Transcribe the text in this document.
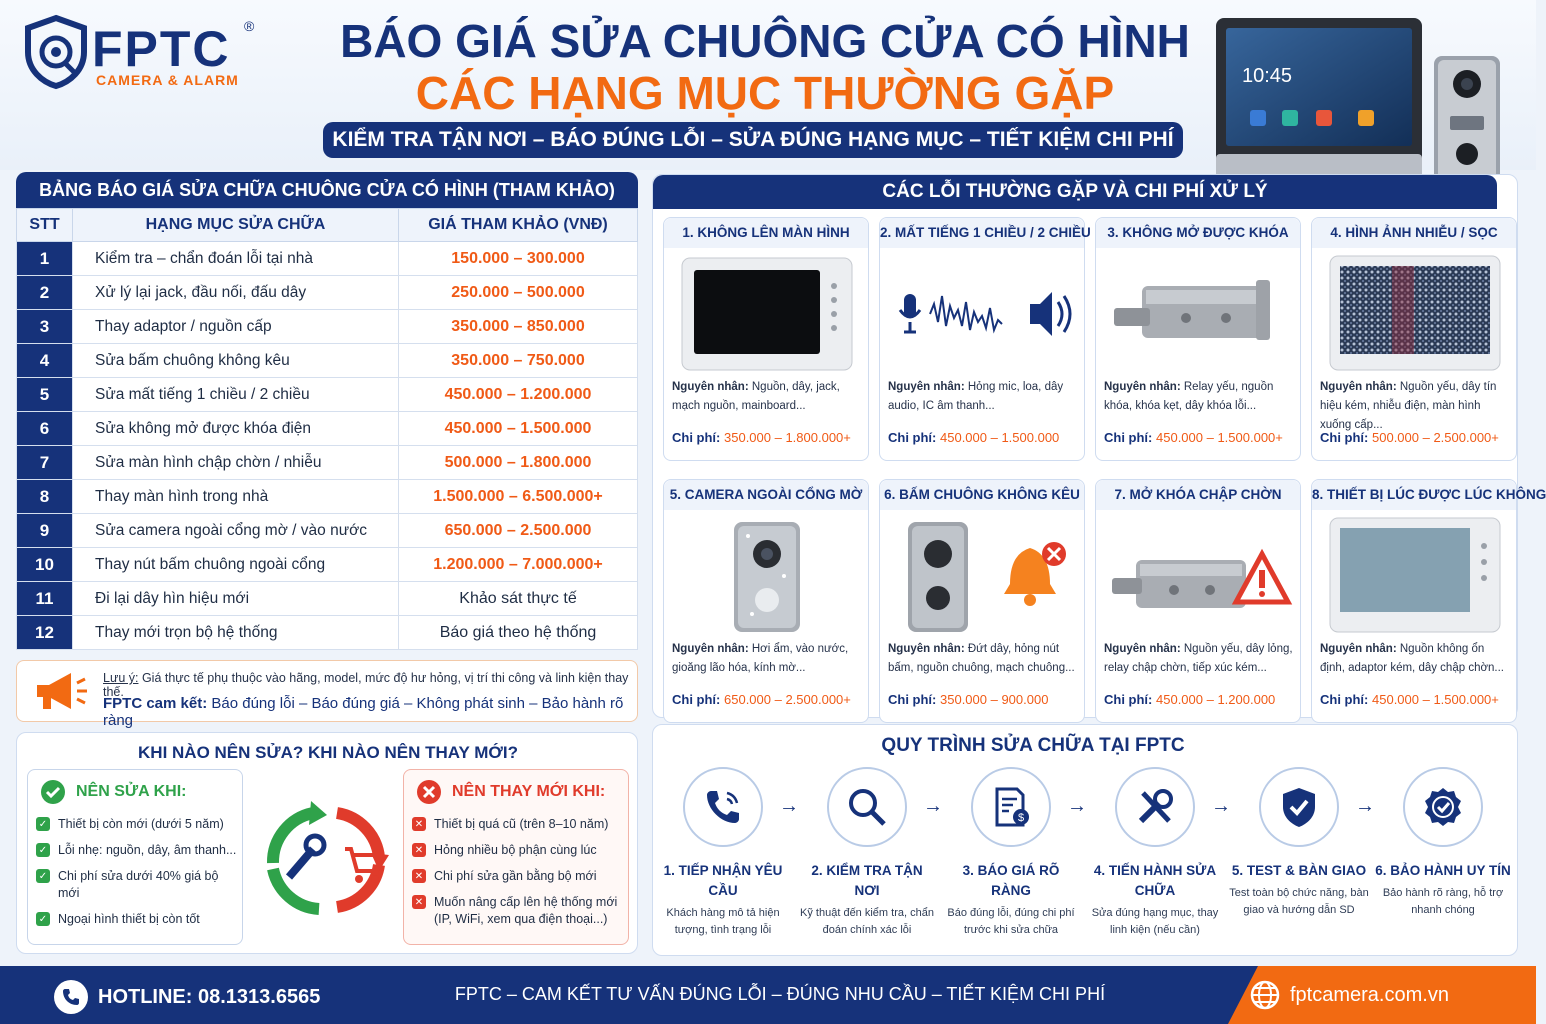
FPTC ®
CAMERA & ALARM
BÁO GIÁ SỬA CHUÔNG CỬA CÓ HÌNH
CÁC HẠNG MỤC THƯỜNG GẶP
KIỂM TRA TẬN NƠI – BÁO ĐÚNG LỖI – SỬA ĐÚNG HẠNG MỤC – TIẾT KIỆM CHI PHÍ
10:45
BẢNG BÁO GIÁ SỬA CHỮA CHUÔNG CỬA CÓ HÌNH (THAM KHẢO)
STT	HẠNG MỤC SỬA CHỮA	GIÁ THAM KHẢO (VNĐ)
1	Kiểm tra – chẩn đoán lỗi tại nhà	150.000 – 300.000
2	Xử lý lại jack, đầu nối, đấu dây	250.000 – 500.000
3	Thay adaptor / nguồn cấp	350.000 – 850.000
4	Sửa bấm chuông không kêu	350.000 – 750.000
5	Sửa mất tiếng 1 chiều / 2 chiều	450.000 – 1.200.000
6	Sửa không mở được khóa điện	450.000 – 1.500.000
7	Sửa màn hình chập chờn / nhiễu	500.000 – 1.800.000
8	Thay màn hình trong nhà	1.500.000 – 6.500.000+
9	Sửa camera ngoài cổng mờ / vào nước	650.000 – 2.500.000
10	Thay nút bấm chuông ngoài cổng	1.200.000 – 7.000.000+
11	Đi lại dây hìn hiệu mới	Khảo sát thực tế
12	Thay mới trọn bộ hệ thống	Báo giá theo hệ thống
Lưu ý: Giá thực tế phụ thuộc vào hãng, model, mức độ hư hỏng, vị trí thi công và linh kiện thay thế.
FPTC cam kết: Báo đúng lỗi – Báo đúng giá – Không phát sinh – Bảo hành rõ ràng
KHI NÀO NÊN SỬA? KHI NÀO NÊN THAY MỚI?
NÊN SỬA KHI:
✓ Thiết bị còn mới (dưới 5 năm)
✓ Lỗi nhẹ: nguồn, dây, âm thanh...
✓ Chi phí sửa dưới 40% giá bộ mới
✓ Ngoại hình thiết bị còn tốt
NÊN THAY MỚI KHI:
✕ Thiết bị quá cũ (trên 8–10 năm)
✕ Hỏng nhiều bộ phận cùng lúc
✕ Chi phí sửa gần bằng bộ mới
✕ Muốn nâng cấp lên hệ thống mới (IP, WiFi, xem qua điện thoại...)
CÁC LỖI THƯỜNG GẶP VÀ CHI PHÍ XỬ LÝ
1. KHÔNG LÊN MÀN HÌNH
Nguyên nhân: Nguồn, dây, jack, mạch nguồn, mainboard...
Chi phí: 350.000 – 1.800.000+
2. MẤT TIẾNG 1 CHIỀU / 2 CHIỀU
Nguyên nhân: Hỏng mic, loa, dây audio, IC âm thanh...
Chi phí: 450.000 – 1.500.000
3. KHÔNG MỞ ĐƯỢC KHÓA
Nguyên nhân: Relay yếu, nguồn khóa, khóa kẹt, dây khóa lỗi...
Chi phí: 450.000 – 1.500.000+
4. HÌNH ẢNH NHIỄU / SỌC
Nguyên nhân: Nguồn yếu, dây tín hiệu kém, nhiễu điện, màn hình xuống cấp...
Chi phí: 500.000 – 2.500.000+
5. CAMERA NGOÀI CỔNG MỜ
Nguyên nhân: Hơi ẩm, vào nước, gioăng lão hóa, kính mờ...
Chi phí: 650.000 – 2.500.000+
6. BẤM CHUÔNG KHÔNG KÊU
Nguyên nhân: Đứt dây, hỏng nút bấm, nguồn chuông, mạch chuông...
Chi phí: 350.000 – 900.000
7. MỞ KHÓA CHẬP CHỜN
Nguyên nhân: Nguồn yếu, dây lỏng, relay chập chờn, tiếp xúc kém...
Chi phí: 450.000 – 1.200.000
8. THIẾT BỊ LÚC ĐƯỢC LÚC KHÔNG
Nguyên nhân: Nguồn không ổn định, adaptor kém, dây chập chờn...
Chi phí: 450.000 – 1.500.000+
QUY TRÌNH SỬA CHỮA TẠI FPTC
1. TIẾP NHẬN YÊU CẦU
Khách hàng mô tả hiện tượng, tình trạng lỗi
→
2. KIỂM TRA TẬN NƠI
Kỹ thuật đến kiểm tra, chẩn đoán chính xác lỗi
→
$
3. BÁO GIÁ RÕ RÀNG
Báo đúng lỗi, đúng chi phí trước khi sửa chữa
→
4. TIẾN HÀNH SỬA CHỮA
Sửa đúng hạng mục, thay linh kiện (nếu cần)
→
5. TEST & BÀN GIAO
Test toàn bộ chức năng, bàn giao và hướng dẫn SD
→
6. BẢO HÀNH UY TÍN
Bảo hành rõ ràng, hỗ trợ nhanh chóng
HOTLINE: 08.1313.6565	FPTC – CAM KẾT TƯ VẤN ĐÚNG LỖI – ĐÚNG NHU CẦU – TIẾT KIỆM CHI PHÍ	fptcamera.com.vn
